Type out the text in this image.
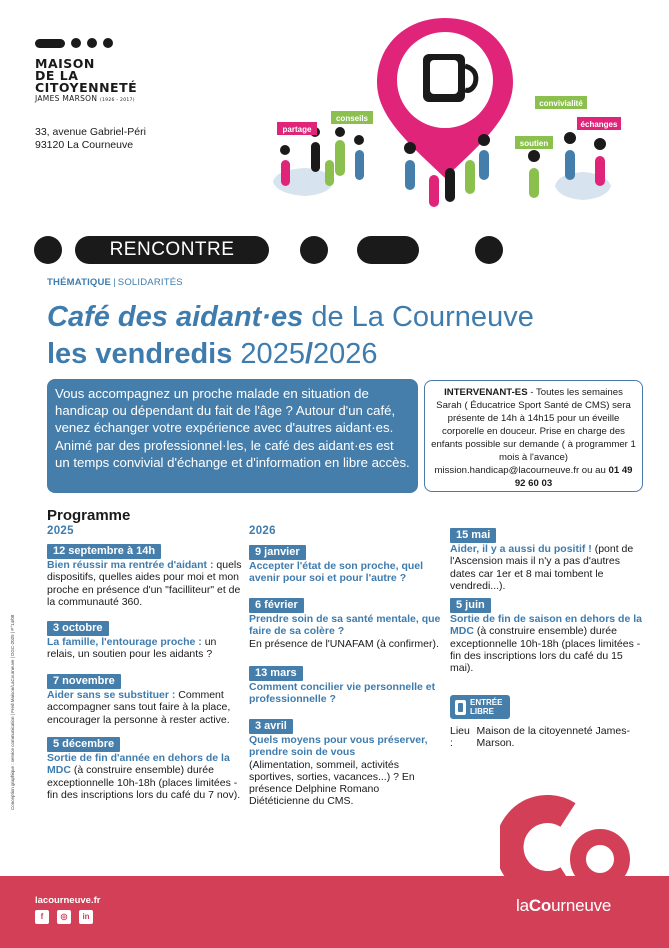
MAISON
DE LA
CITOYENNETÉ
JAMES MARSON (1926 - 2017)
33, avenue Gabriel-Péri
93120 La Courneuve
partage
conseils
convivialité
soutien
échanges
RENCONTRE
THÉMATIQUE | SOLIDARITÉS
Café des aidant·es de La Courneuve
les vendredis 2025/2026
Vous accompagnez un proche malade en situation de handicap ou dépendant du fait de l'âge ? Autour d'un café, venez échanger votre expérience avec d'autres aidant·es. Animé par des professionnel·les, le café des aidant·es est un temps convivial d'échange et d'information en libre accès.
INTERVENANT-ES - Toutes les semaines Sarah ( Éducatrice Sport Santé de CMS) sera présente de 14h à 14h15 pour un éveille corporelle en douceur. Prise en charge des enfants possible sur demande ( à programmer 1 mois à l'avance) mission.handicap@lacourneuve.fr ou au 01 49 92 60 03
Programme
2025	2026
12 septembre à 14h
Bien réussir ma rentrée d'aidant : quels dispositifs, quelles aides pour moi et mon proche en présence d'un "facilliteur" et de la communauté 360.
3 octobre
La famille, l'entourage proche : un relais, un soutien pour les aidants ?
7 novembre
Aider sans se substituer : Comment accompagner sans tout faire à la place, encourager la personne à rester active.
5 décembre
Sortie de fin d'année en dehors de la MDC (à construire ensemble) durée exceptionnelle 10h-18h (places limitées - fin des inscriptions lors du café du 7 nov).
9 janvier
Accepter l'état de son proche, quel avenir pour soi et pour l'autre ?
6 février
Prendre soin de sa santé mentale, que faire de sa colère ?
En présence de l'UNAFAM (à confirmer).
13 mars
Comment concilier vie personnelle et professionnelle ?
3 avril
Quels moyens pour vous préserver, prendre soin de vous
(Alimentation, sommeil, activités sportives, sorties, vacances...) ? En présence Delphine Romano Diététicienne du CMS.
15 mai
Aider, il y a aussi du positif ! (pont de l'Ascension mais il n'y a pas d'autres dates car 1er et 8 mai tombent le vendredi...).
5 juin
Sortie de fin de saison en dehors de la MDC (à construire ensemble) durée exceptionnelle 10h-18h (places limitées - fin des inscriptions lors du café du 15 mai).
ENTRÉE
LIBRE
Lieu :
Maison de la citoyenneté James-Marson.
Conception graphique : service communication | Fred Maison/LaCourneuve | DGC-2025 | P°14/08
lacourneuve.fr
f	◎	in
laCourneuve
